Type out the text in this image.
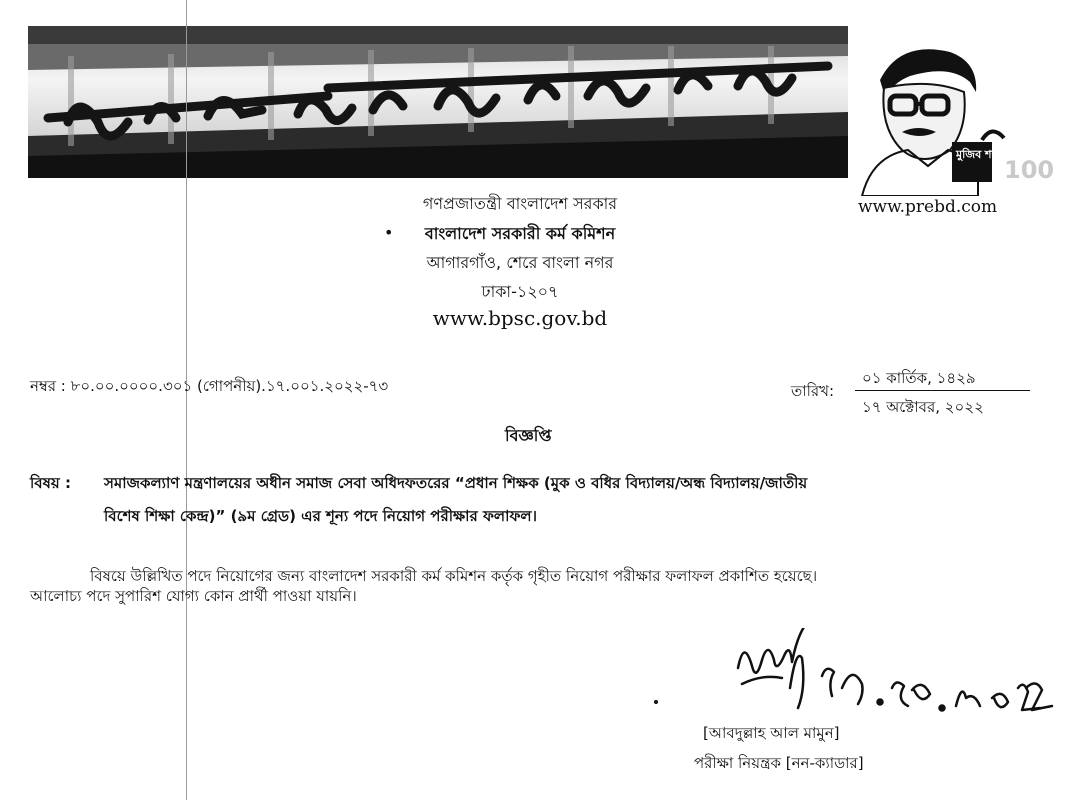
মুজিব শতবর্ষ
100
www.prebd.com
গণপ্রজাতন্ত্রী বাংলাদেশ সরকার
•	বাংলাদেশ সরকারী কর্ম কমিশন
আগারগাঁও, শেরে বাংলা নগর
ঢাকা-১২০৭
www.bpsc.gov.bd
নম্বর : ৮০.০০.০০০০.৩০১ (গোপনীয়).১৭.০০১.২০২২-৭৩	তারিখ:
০১ কার্তিক, ১৪২৯
১৭ অক্টোবর, ২০২২
বিজ্ঞপ্তি
বিষয় : সমাজকল্যাণ মন্ত্রণালয়ের অধীন সমাজ সেবা অধিদফতরের “প্রধান শিক্ষক (মুক ও বধির বিদ্যালয়/অন্ধ বিদ্যালয়/জাতীয়
বিশেষ শিক্ষা কেন্দ্র)” (৯ম গ্রেড) এর শূন্য পদে নিয়োগ পরীক্ষার ফলাফল।
বিষয়ে উল্লিখিত পদে নিয়োগের জন্য বাংলাদেশ সরকারী কর্ম কমিশন কর্তৃক গৃহীত নিয়োগ পরীক্ষার ফলাফল প্রকাশিত হয়েছে।
আলোচ্য পদে সুপারিশ যোগ্য কোন প্রার্থী পাওয়া যায়নি।
[আবদুল্লাহ আল মামুন]
পরীক্ষা নিয়ন্ত্রক [নন-ক্যাডার]
